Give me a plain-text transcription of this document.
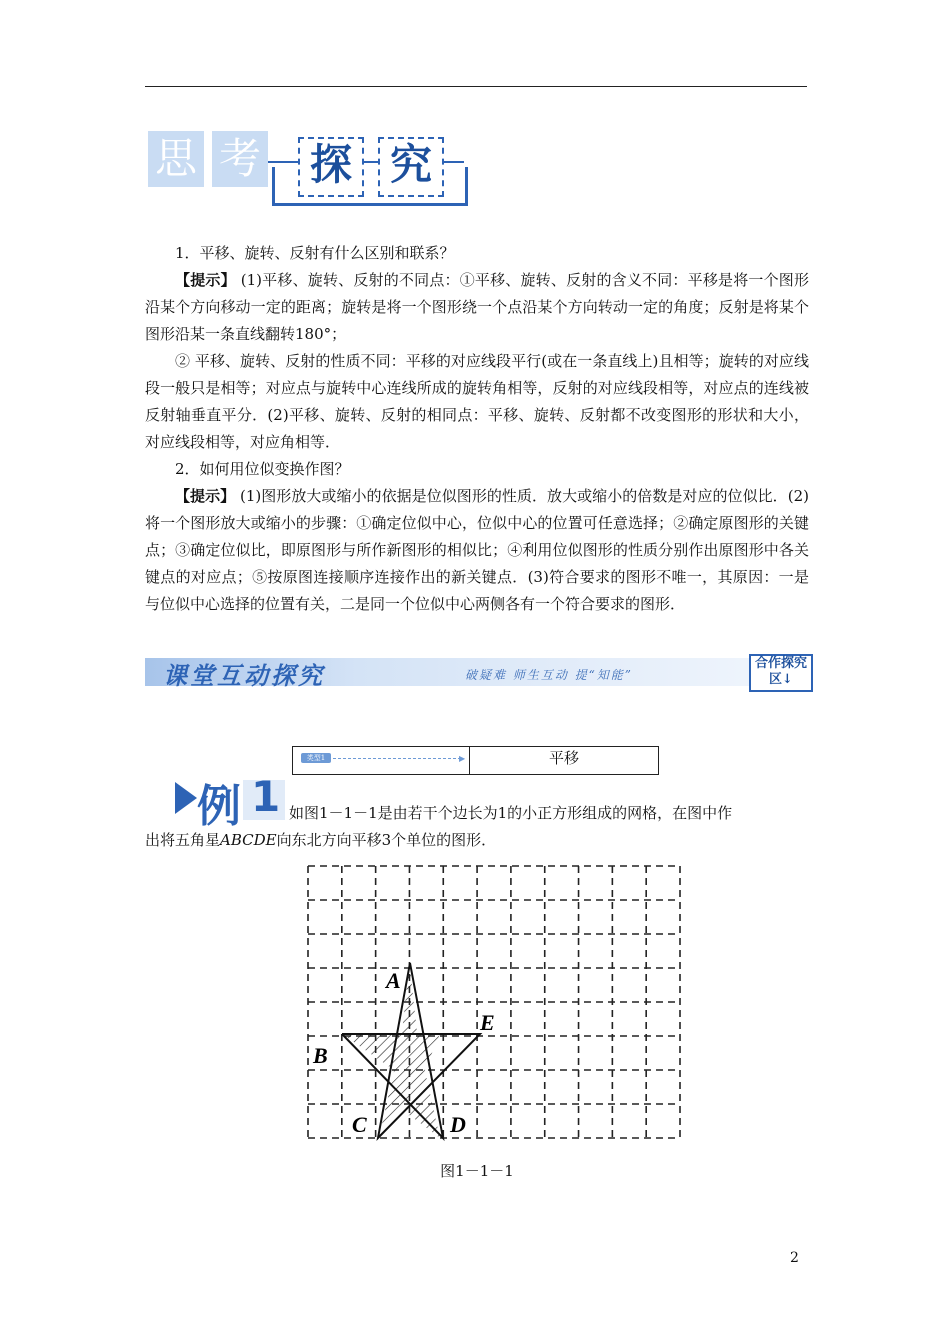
思 考 探 究

1．平移、旋转、反射有什么区别和联系？

【提示】 (1)平移、旋转、反射的不同点：①平移、旋转、反射的含义不同：平移是将一个图形沿某个方向移动一定的距离；旋转是将一个图形绕一个点沿某个方向转动一定的角度；反射是将某个图形沿某一条直线翻转180°；

② 平移、旋转、反射的性质不同：平移的对应线段平行(或在一条直线上)且相等；旋转的对应线段一般只是相等；对应点与旋转中心连线所成的旋转角相等，反射的对应线段相等，对应点的连线被反射轴垂直平分．(2)平移、旋转、反射的相同点：平移、旋转、反射都不改变图形的形状和大小，对应线段相等，对应角相等．

2．如何用位似变换作图？

【提示】 (1)图形放大或缩小的依据是位似图形的性质．放大或缩小的倍数是对应的位似比．(2)将一个图形放大或缩小的步骤：①确定位似中心，位似中心的位置可任意选择；②确定原图形的关键点；③确定位似比，即原图形与所作新图形的相似比；④利用位似图形的性质分别作出原图形中各关键点的对应点；⑤按原图连接顺序连接作出的新关键点．(3)符合要求的图形不唯一，其原因：一是与位似中心选择的位置有关，二是同一个位似中心两侧各有一个符合要求的图形．

课堂互动探究	破疑难 师生互动 提“知能”
合作探究区↓
类型1	▶	平移
例 1 如图1－1－1是由若干个边长为1的小正方形组成的网格，在图中作
出将五角星ABCDE向东北方向平移3个单位的图形．
A
E
B
C	D
图1－1－1
2
